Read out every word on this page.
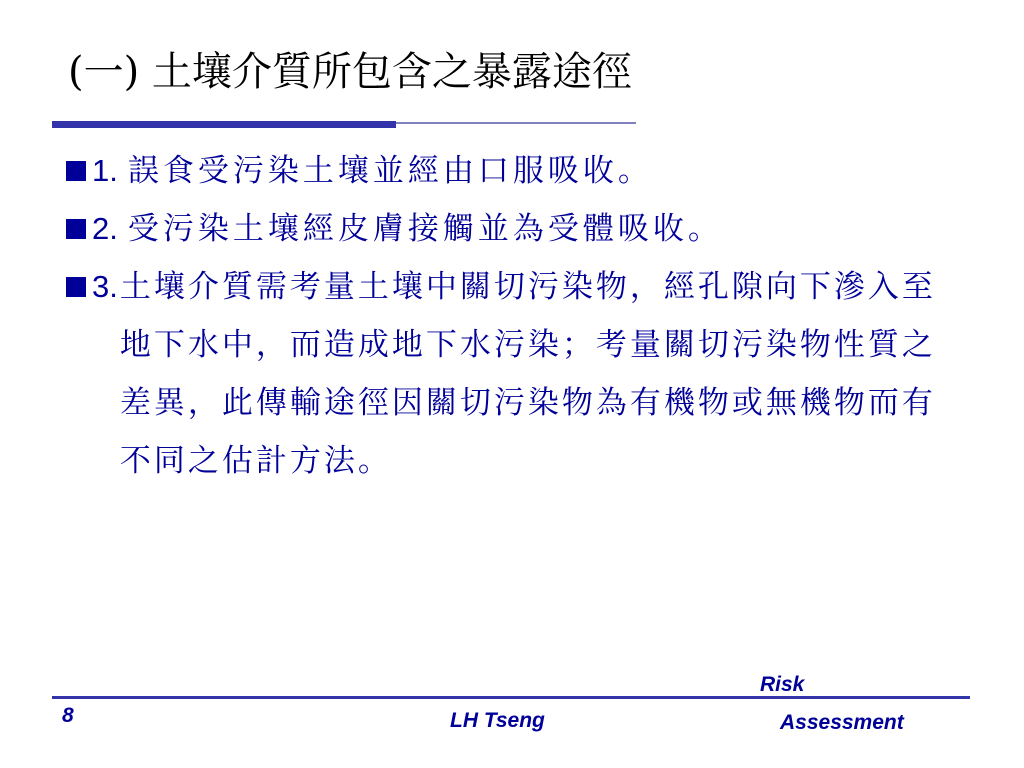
(一) 土壤介質所包含之暴露途徑
1. 誤食受污染土壤並經由口服吸收。
2. 受污染土壤經皮膚接觸並為受體吸收。
3. 土壤介質需考量土壤中關切污染物，經孔隙向下滲入至地下水中，而造成地下水污染；考量關切污染物性質之差異，此傳輸途徑因關切污染物為有機物或無機物而有不同之估計方法。
8	LH Tseng
Risk
Assessment
